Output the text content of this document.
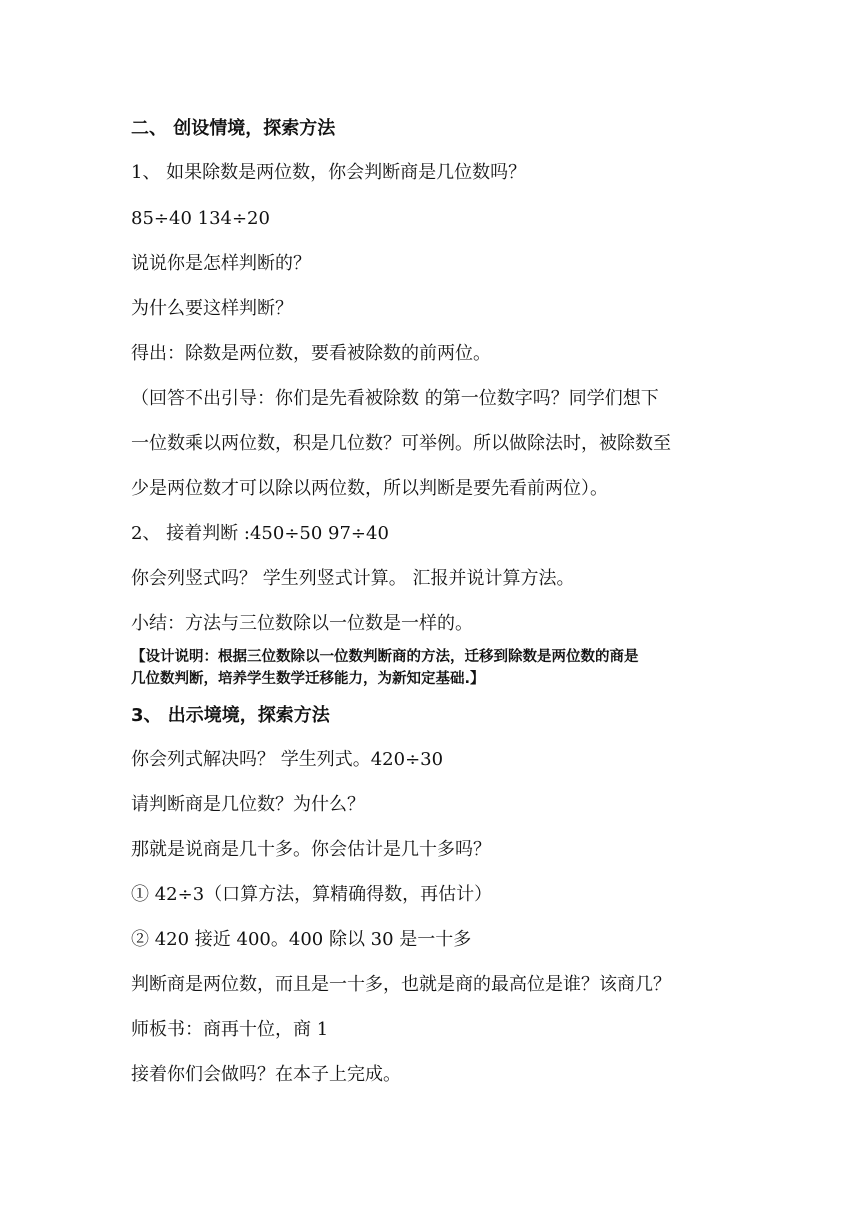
二、 创设情境，探索方法
1、 如果除数是两位数，你会判断商是几位数吗？
85÷40 134÷20
说说你是怎样判断的？
为什么要这样判断？
得出：除数是两位数，要看被除数的前两位。
（回答不出引导：你们是先看被除数 的第一位数字吗？同学们想下
一位数乘以两位数，积是几位数？可举例。所以做除法时，被除数至
少是两位数才可以除以两位数，所以判断是要先看前两位）。
2、 接着判断 :450÷50 97÷40
你会列竖式吗？ 学生列竖式计算。 汇报并说计算方法。
小结：方法与三位数除以一位数是一样的。
【设计说明：根据三位数除以一位数判断商的方法，迁移到除数是两位数的商是
几位数判断，培养学生数学迁移能力，为新知定基础.】
3、 出示境境，探索方法
你会列式解决吗？ 学生列式。420÷30
请判断商是几位数？为什么？
那就是说商是几十多。你会估计是几十多吗？
① 42÷3（口算方法，算精确得数，再估计）
② 420 接近 400。400 除以 30 是一十多
判断商是两位数，而且是一十多，也就是商的最高位是谁？该商几？
师板书：商再十位，商 1
接着你们会做吗？在本子上完成。
